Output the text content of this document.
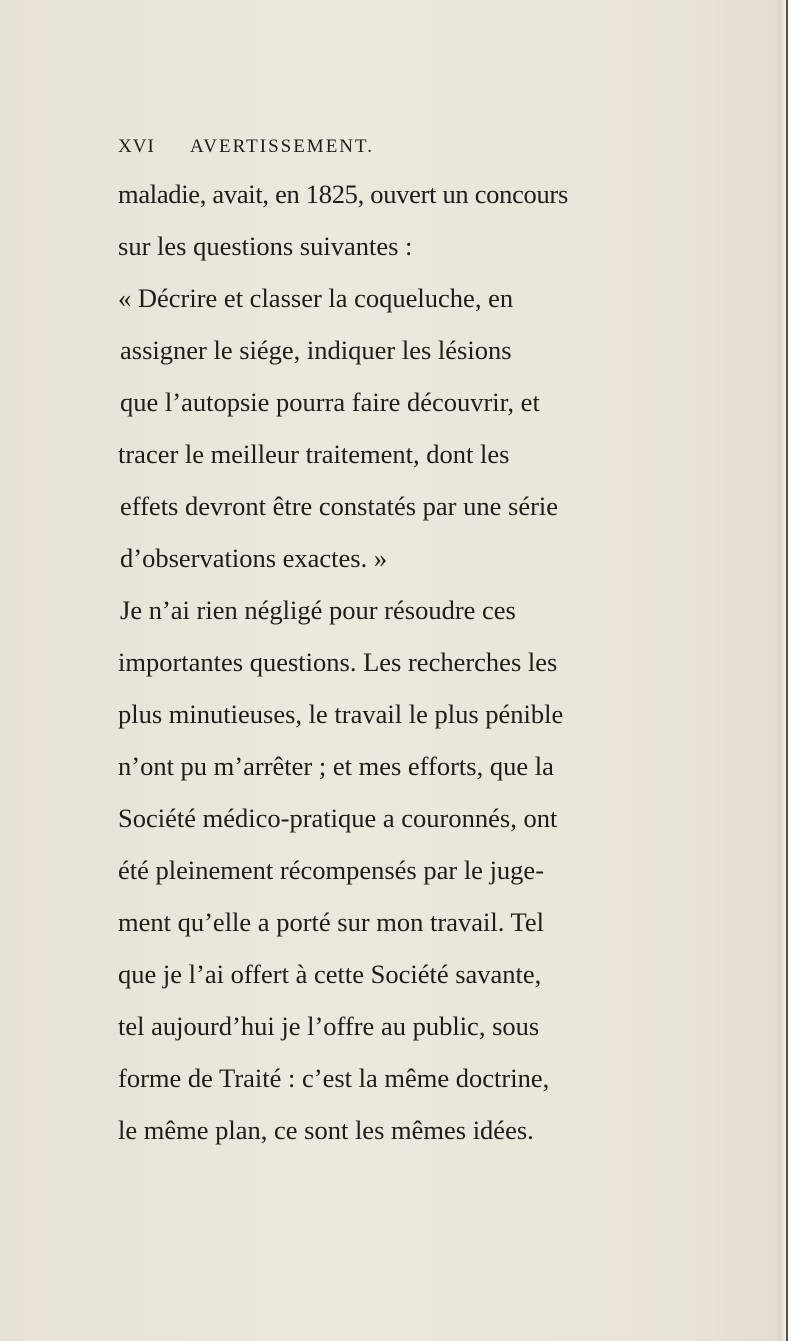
XVI AVERTISSEMENT.
maladie, avait, en 1825, ouvert un concours
sur les questions suivantes :
« Décrire et classer la coqueluche, en
assigner le siége, indiquer les lésions
que l’autopsie pourra faire découvrir, et
tracer le meilleur traitement, dont les
effets devront être constatés par une série
d’observations exactes. »
Je n’ai rien négligé pour résoudre ces
importantes questions. Les recherches les
plus minutieuses, le travail le plus pénible
n’ont pu m’arrêter ; et mes efforts, que la
Société médico-pratique a couronnés, ont
été pleinement récompensés par le juge-
ment qu’elle a porté sur mon travail. Tel
que je l’ai offert à cette Société savante,
tel aujourd’hui je l’offre au public, sous
forme de Traité : c’est la même doctrine,
le même plan, ce sont les mêmes idées.
